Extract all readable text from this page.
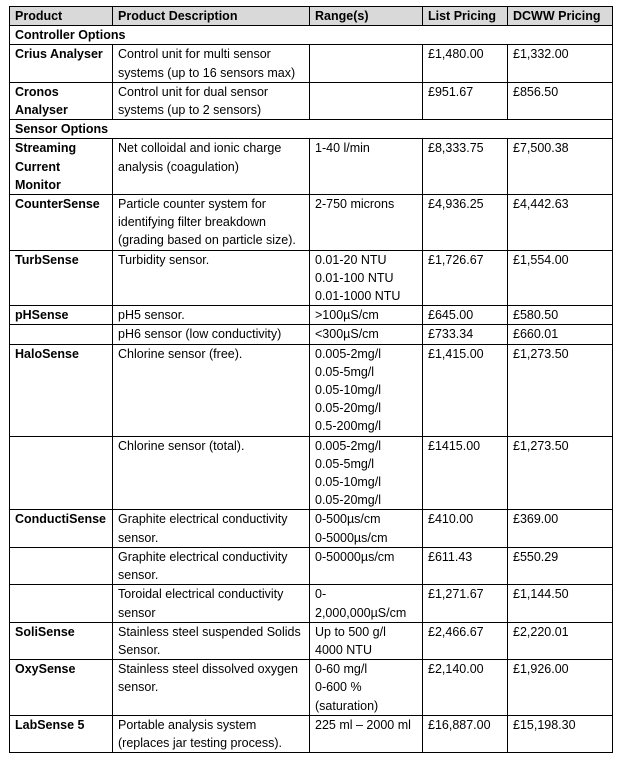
Product	Product Description	Range(s)	List Pricing	DCWW Pricing
Controller Options				
Crius Analyser	Control unit for multi sensor systems (up to 16 sensors max)		£1,480.00	£1,332.00
Cronos Analyser	Control unit for dual sensor systems (up to 2 sensors)		£951.67	£856.50
Sensor Options				
Streaming Current Monitor	Net colloidal and ionic charge analysis (coagulation)	1-40 l/min	£8,333.75	£7,500.38
CounterSense	Particle counter system for identifying filter breakdown (grading based on particle size).	2-750 microns	£4,936.25	£4,442.63
TurbSense	Turbidity sensor.	0.01-20 NTU
0.01-100 NTU
0.01-1000 NTU	£1,726.67	£1,554.00
pHSense	pH5 sensor.	>100µS/cm	£645.00	£580.50
	pH6 sensor (low conductivity)	<300µS/cm	£733.34	£660.01
HaloSense	Chlorine sensor (free).	0.005-2mg/l
0.05-5mg/l
0.05-10mg/l
0.05-20mg/l
0.5-200mg/l	£1,415.00	£1,273.50
	Chlorine sensor (total).	0.005-2mg/l
0.05-5mg/l
0.05-10mg/l
0.05-20mg/l	£1415.00	£1,273.50
ConductiSense	Graphite electrical conductivity sensor.	0-500µs/cm
0-5000µs/cm	£410.00	£369.00
	Graphite electrical conductivity sensor.	0-50000µs/cm	£611.43	£550.29
	Toroidal electrical conductivity sensor	0-
2,000,000µS/cm	£1,271.67	£1,144.50
SoliSense	Stainless steel suspended Solids Sensor.	Up to 500 g/l
4000 NTU	£2,466.67	£2,220.01
OxySense	Stainless steel dissolved oxygen sensor.	0-60 mg/l
0-600 %
(saturation)	£2,140.00	£1,926.00
LabSense 5	Portable analysis system (replaces jar testing process).	225 ml – 2000 ml	£16,887.00	£15,198.30
